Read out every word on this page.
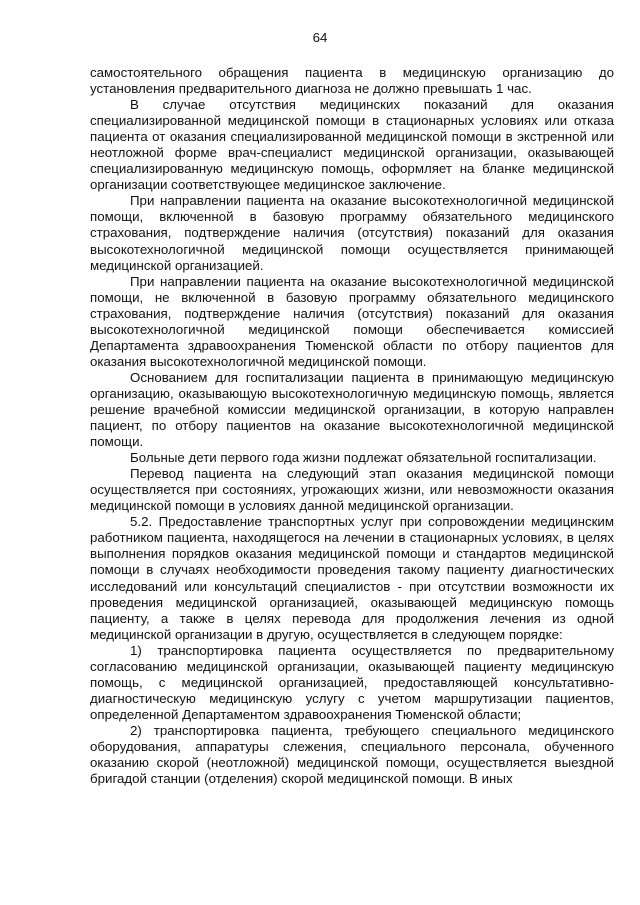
64

самостоятельного обращения пациента в медицинскую организацию до установления предварительного диагноза не должно превышать 1 час.

В случае отсутствия медицинских показаний для оказания специализированной медицинской помощи в стационарных условиях или отказа пациента от оказания специализированной медицинской помощи в экстренной или неотложной форме врач-специалист медицинской организации, оказывающей специализированную медицинскую помощь, оформляет на бланке медицинской организации соответствующее медицинское заключение.

При направлении пациента на оказание высокотехнологичной медицинской помощи, включенной в базовую программу обязательного медицинского страхования, подтверждение наличия (отсутствия) показаний для оказания высокотехнологичной медицинской помощи осуществляется принимающей медицинской организацией.

При направлении пациента на оказание высокотехнологичной медицинской помощи, не включенной в базовую программу обязательного медицинского страхования, подтверждение наличия (отсутствия) показаний для оказания высокотехнологичной медицинской помощи обеспечивается комиссией Департамента здравоохранения Тюменской области по отбору пациентов для оказания высокотехнологичной медицинской помощи.

Основанием для госпитализации пациента в принимающую медицинскую организацию, оказывающую высокотехнологичную медицинскую помощь, является решение врачебной комиссии медицинской организации, в которую направлен пациент, по отбору пациентов на оказание высокотехнологичной медицинской помощи.

Больные дети первого года жизни подлежат обязательной госпитализации.

Перевод пациента на следующий этап оказания медицинской помощи осуществляется при состояниях, угрожающих жизни, или невозможности оказания медицинской помощи в условиях данной медицинской организации.

5.2. Предоставление транспортных услуг при сопровождении медицинским работником пациента, находящегося на лечении в стационарных условиях, в целях выполнения порядков оказания медицинской помощи и стандартов медицинской помощи в случаях необходимости проведения такому пациенту диагностических исследований или консультаций специалистов - при отсутствии возможности их проведения медицинской организацией, оказывающей медицинскую помощь пациенту, а также в целях перевода для продолжения лечения из одной медицинской организации в другую, осуществляется в следующем порядке:

1) транспортировка пациента осуществляется по предварительному согласованию медицинской организации, оказывающей пациенту медицинскую помощь, с медицинской организацией, предоставляющей консультативно-диагностическую медицинскую услугу с учетом маршрутизации пациентов, определенной Департаментом здравоохранения Тюменской области;

2) транспортировка пациента, требующего специального медицинского оборудования, аппаратуры слежения, специального персонала, обученного оказанию скорой (неотложной) медицинской помощи, осуществляется выездной бригадой станции (отделения) скорой медицинской помощи. В иных
